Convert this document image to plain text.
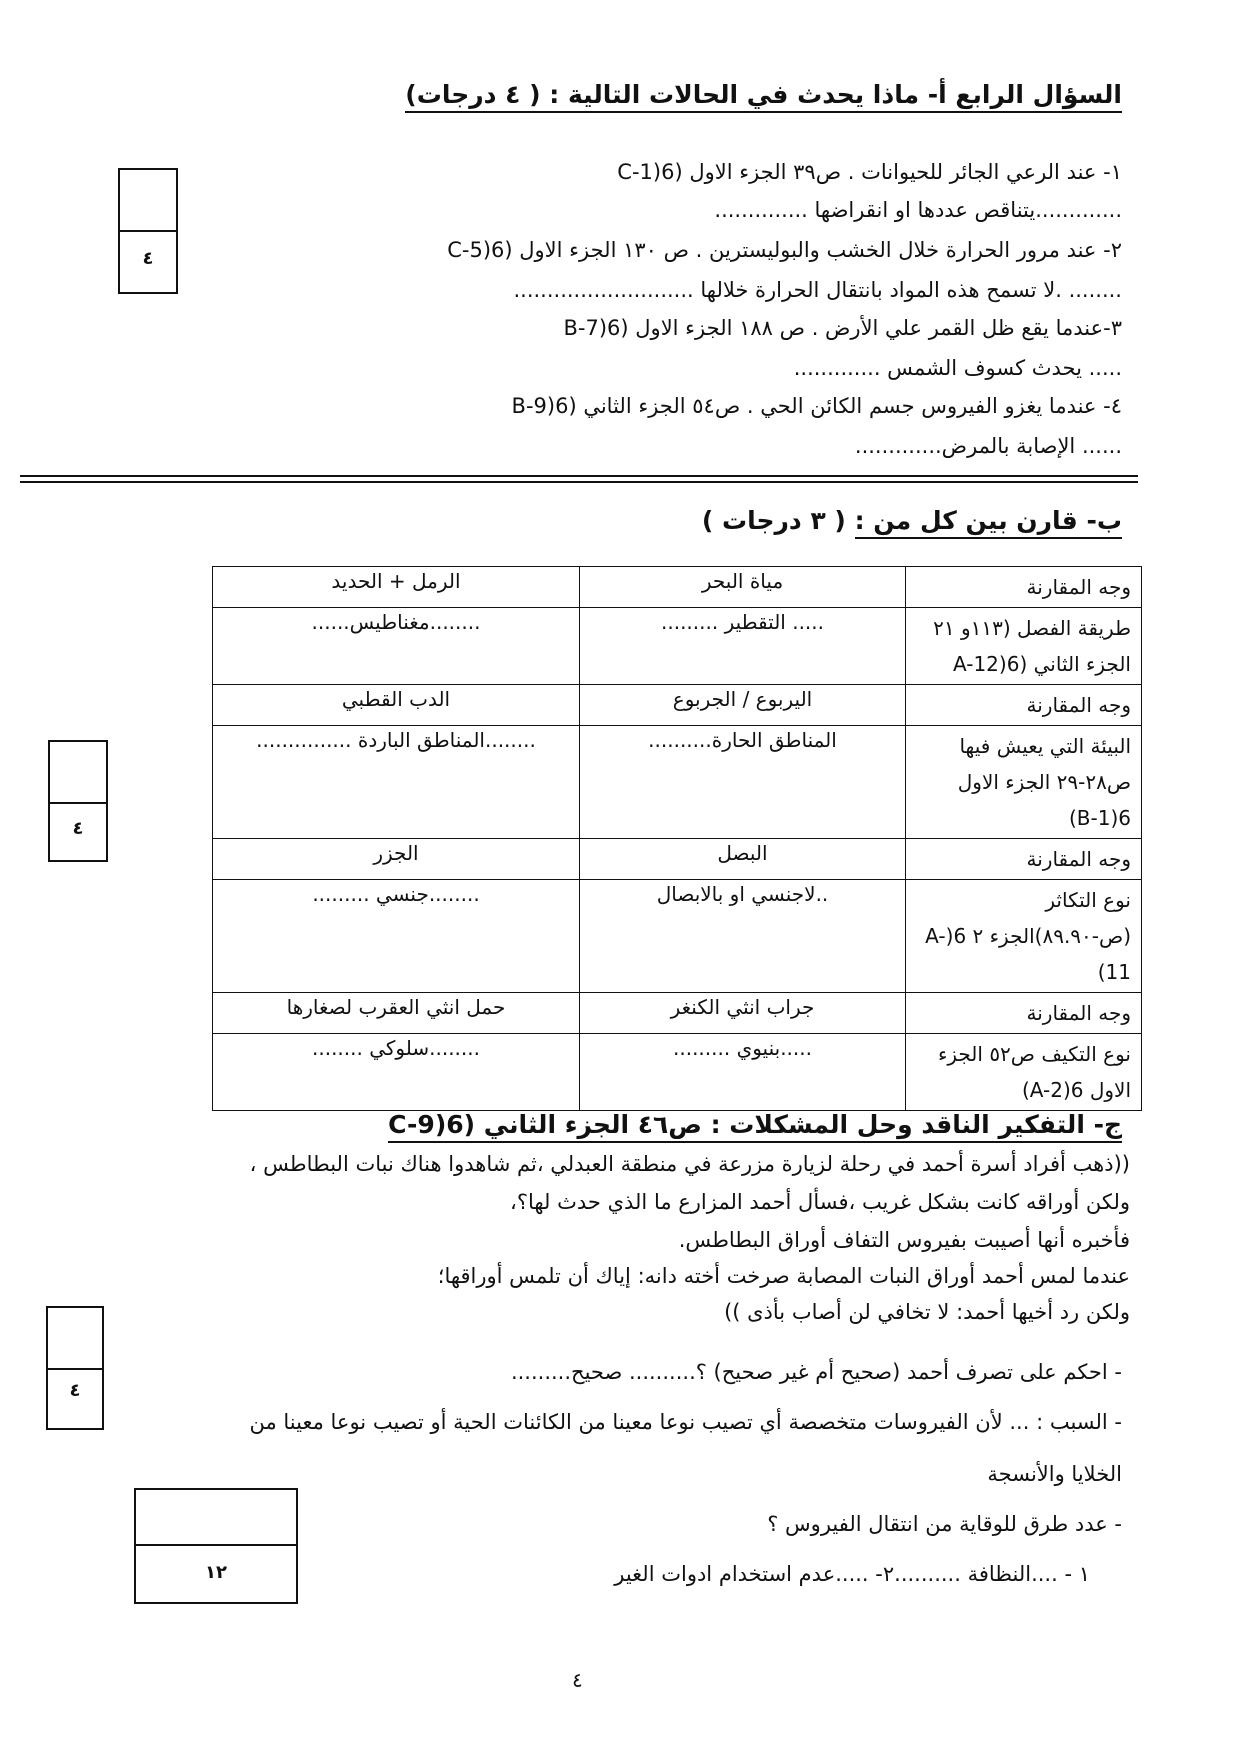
السؤال الرابع أ- ماذا يحدث في الحالات التالية : ( ٤ درجات)
١- عند الرعي الجائر للحيوانات . ص٣٩ الجزء الاول (6(C-1
.............يتناقص عددها او انقراضها ..............
٢- عند مرور الحرارة خلال الخشب والبوليسترين . ص ١٣٠ الجزء الاول (6(C-5
........ .لا تسمح هذه المواد بانتقال الحرارة خلالها ...........................
٣-عندما يقع ظل القمر علي الأرض . ص ١٨٨ الجزء الاول (6(B-7
..... يحدث كسوف الشمس .............
٤- عندما يغزو الفيروس جسم الكائن الحي . ص٥٤ الجزء الثاني (6(B-9
...... الإصابة بالمرض.............
٤
ب- قارن بين كل من : ( ٣ درجات )
وجه المقارنة	مياة البحر	الرمل + الحديد
طريقة الفصل (١١٣و ٢١ الجزء الثاني (6(A-12	..... التقطير .........	........مغناطيس......
وجه المقارنة	اليربوع / الجربوع	الدب القطبي
البيئة التي يعيش فيها ص٢٨-٢٩ الجزء الاول 6(B-1)	المناطق الحارة..........	........المناطق الباردة ...............
وجه المقارنة	البصل	الجزر
نوع التكاثر (ص-٨٩.٩٠)الجزء ٢ 6(A-11)	..لاجنسي او بالابصال	........جنسي .........
وجه المقارنة	جراب انثي الكنغر	حمل انثي العقرب لصغارها
نوع التكيف ص٥٢ الجزء الاول 6(A-2)	.....بنيوي .........	........سلوكي ........
٤
ج- التفكير الناقد وحل المشكلات : ص٤٦ الجزء الثاني (6(C-9
((ذهب أفراد أسرة أحمد في رحلة لزيارة مزرعة في منطقة العبدلي ،ثم شاهدوا هناك نبات البطاطس ،
ولكن أوراقه كانت بشكل غريب ،فسأل أحمد المزارع ما الذي حدث لها؟،
فأخبره أنها أصيبت بفيروس التفاف أوراق البطاطس.
عندما لمس أحمد أوراق النبات المصابة صرخت أخته دانه: إياك أن تلمس أوراقها؛
ولكن رد أخيها أحمد: لا تخافي لن أصاب بأذى ))
- احكم على تصرف أحمد (صحيح أم غير صحيح) ؟.......... صحيح.........
- السبب : ... لأن الفيروسات متخصصة أي تصيب نوعا معينا من الكائنات الحية أو تصيب نوعا معينا من
الخلايا والأنسجة
- عدد طرق للوقاية من انتقال الفيروس ؟
١ - ....النظافة ..........٢- .....عدم استخدام ادوات الغير
٤
١٢
٤
